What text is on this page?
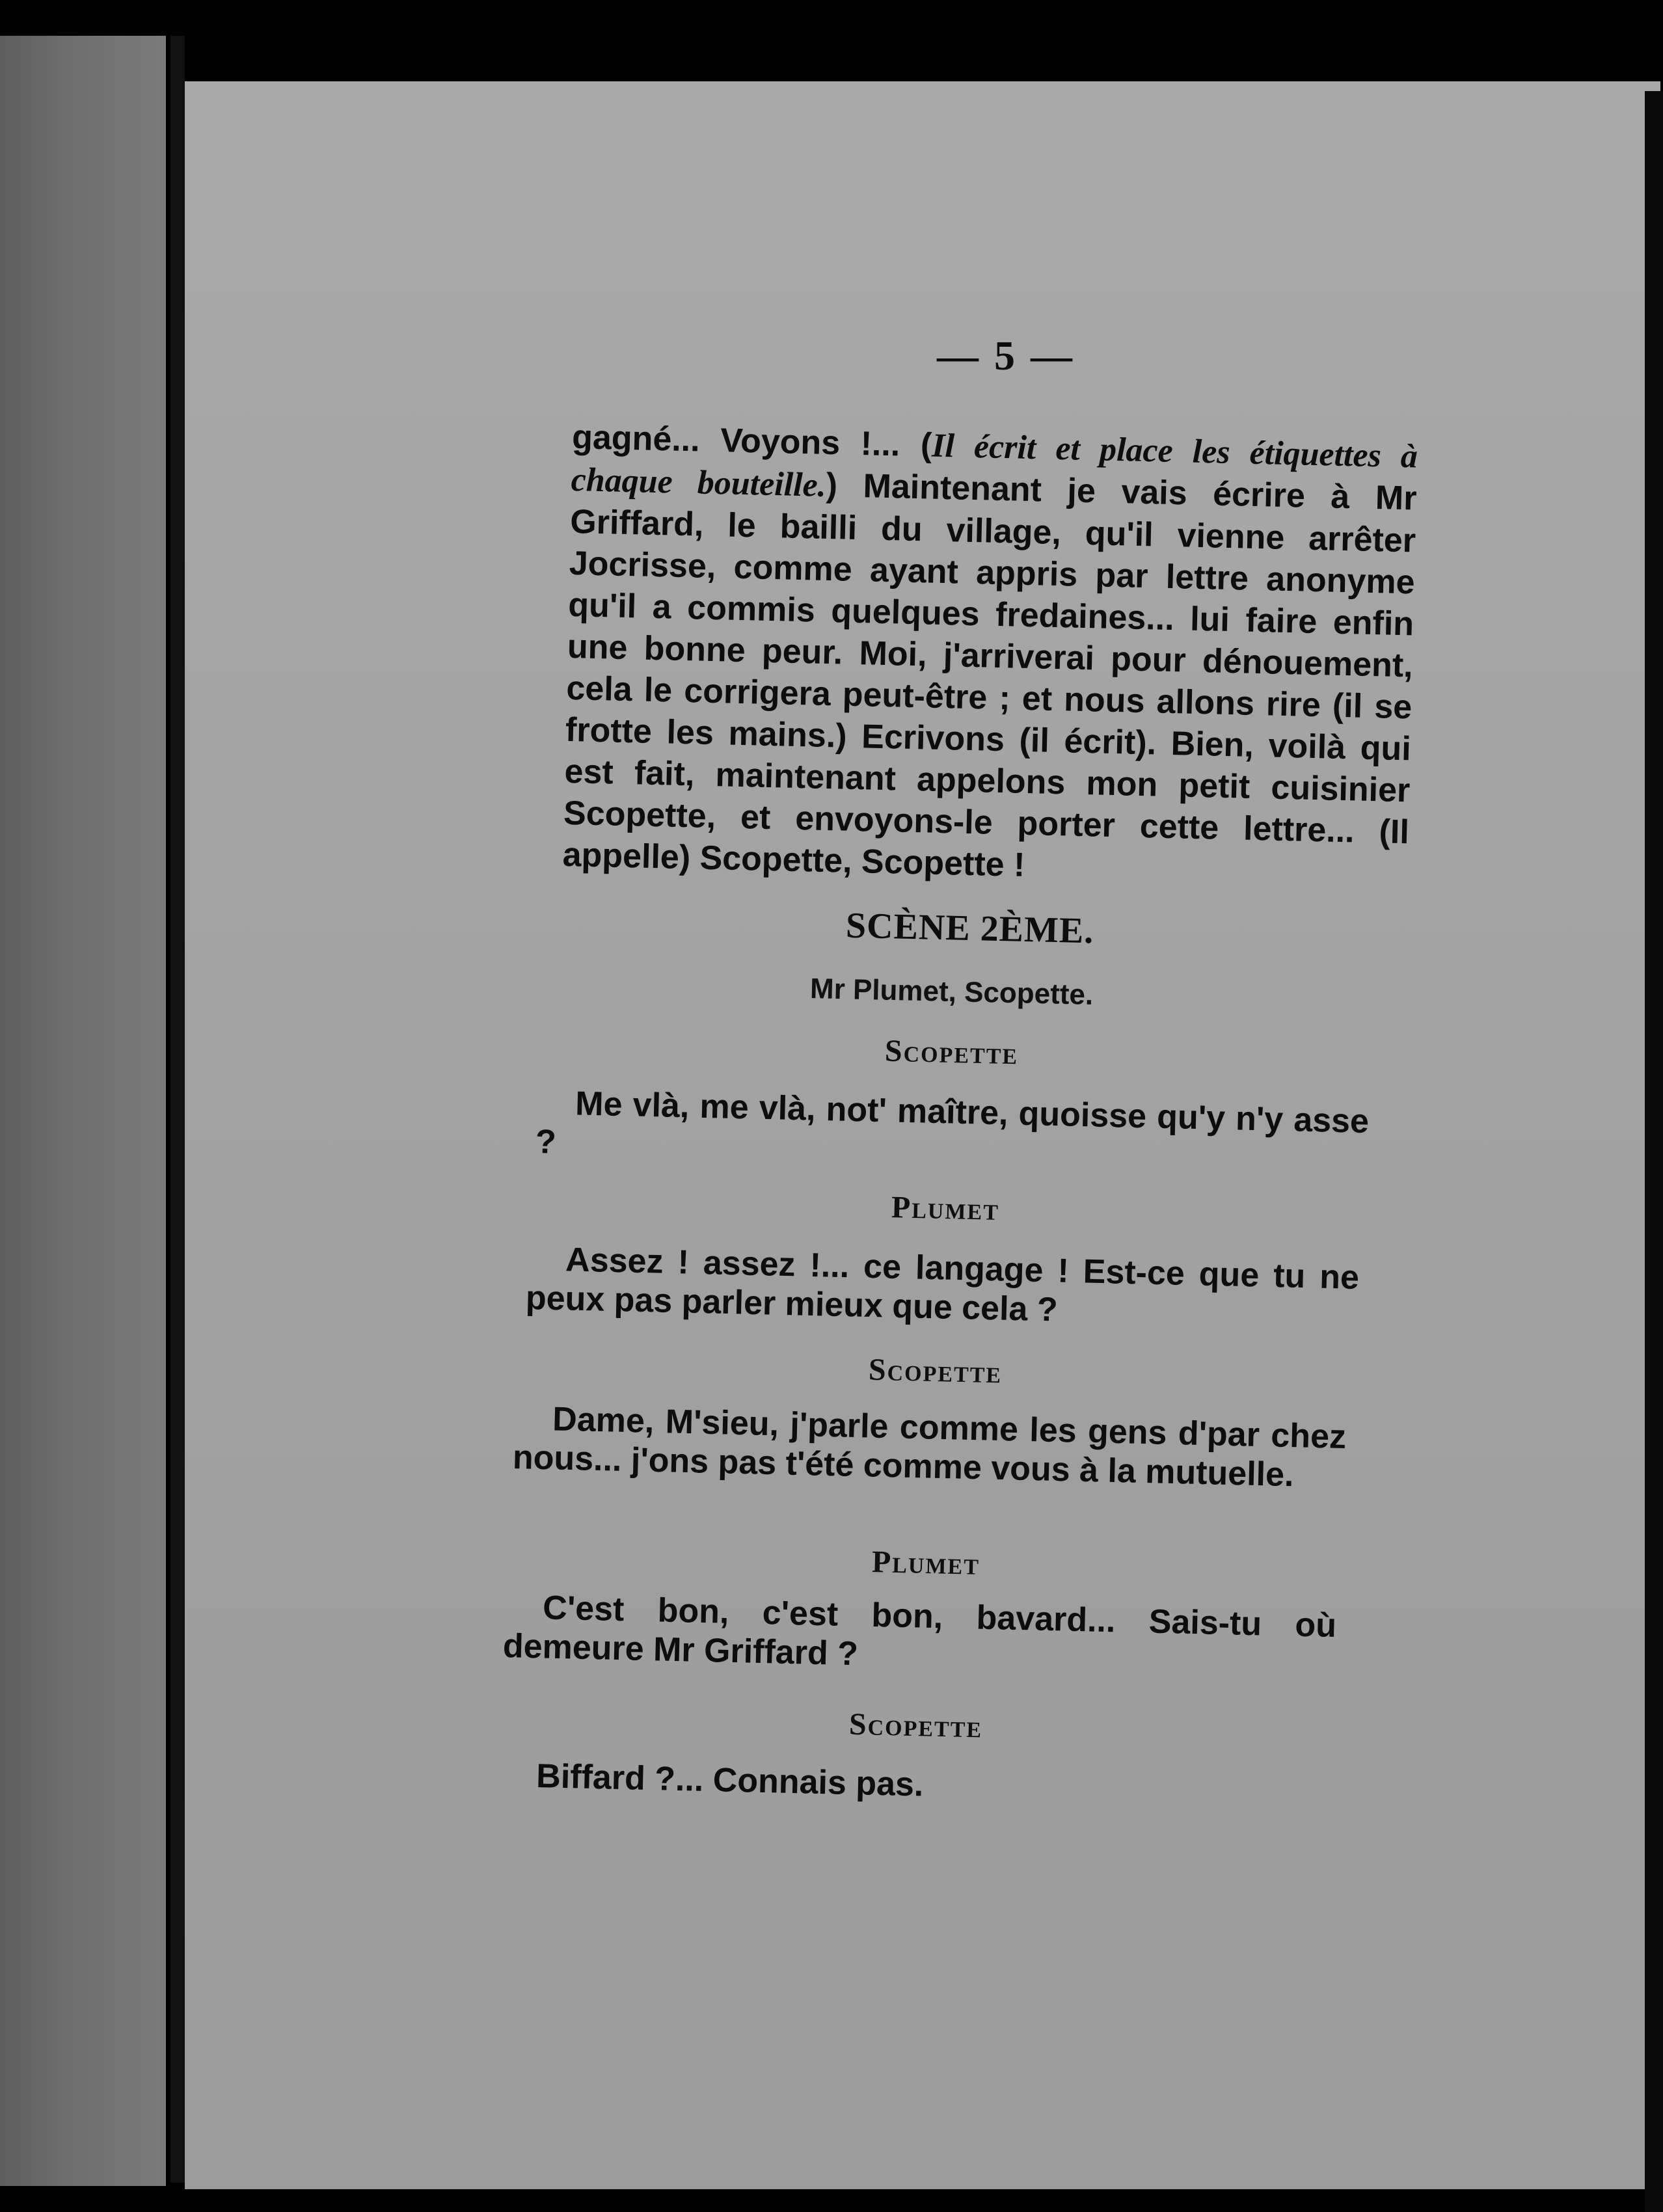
— 5 —

gagné... Voyons !... (Il écrit et place les étiquettes à chaque bouteille.) Maintenant je vais écrire à Mr Griffard, le bailli du village, qu'il vienne arrêter Jocrisse, comme ayant appris par lettre anonyme qu'il a commis quelques fredaines... lui faire enfin une bonne peur. Moi, j'arriverai pour dénouement, cela le corrigera peut-être ; et nous allons rire (il se frotte les mains.) Ecrivons (il écrit). Bien, voilà qui est fait, maintenant appelons mon petit cuisinier Scopette, et envoyons-le porter cette lettre... (Il appelle) Scopette, Scopette !

SCÈNE 2ÈME.
Mr Plumet, Scopette.
Scopette
Me vlà, me vlà, not' maître, quoisse qu'y n'y asse ?
Plumet
Assez ! assez !... ce langage ! Est-ce que tu ne peux pas parler mieux que cela ?
Scopette
Dame, M'sieu, j'parle comme les gens d'par chez nous... j'ons pas t'été comme vous à la mutuelle.
Plumet
C'est bon, c'est bon, bavard... Sais-tu où demeure Mr Griffard ?
Scopette
Biffard ?... Connais pas.
